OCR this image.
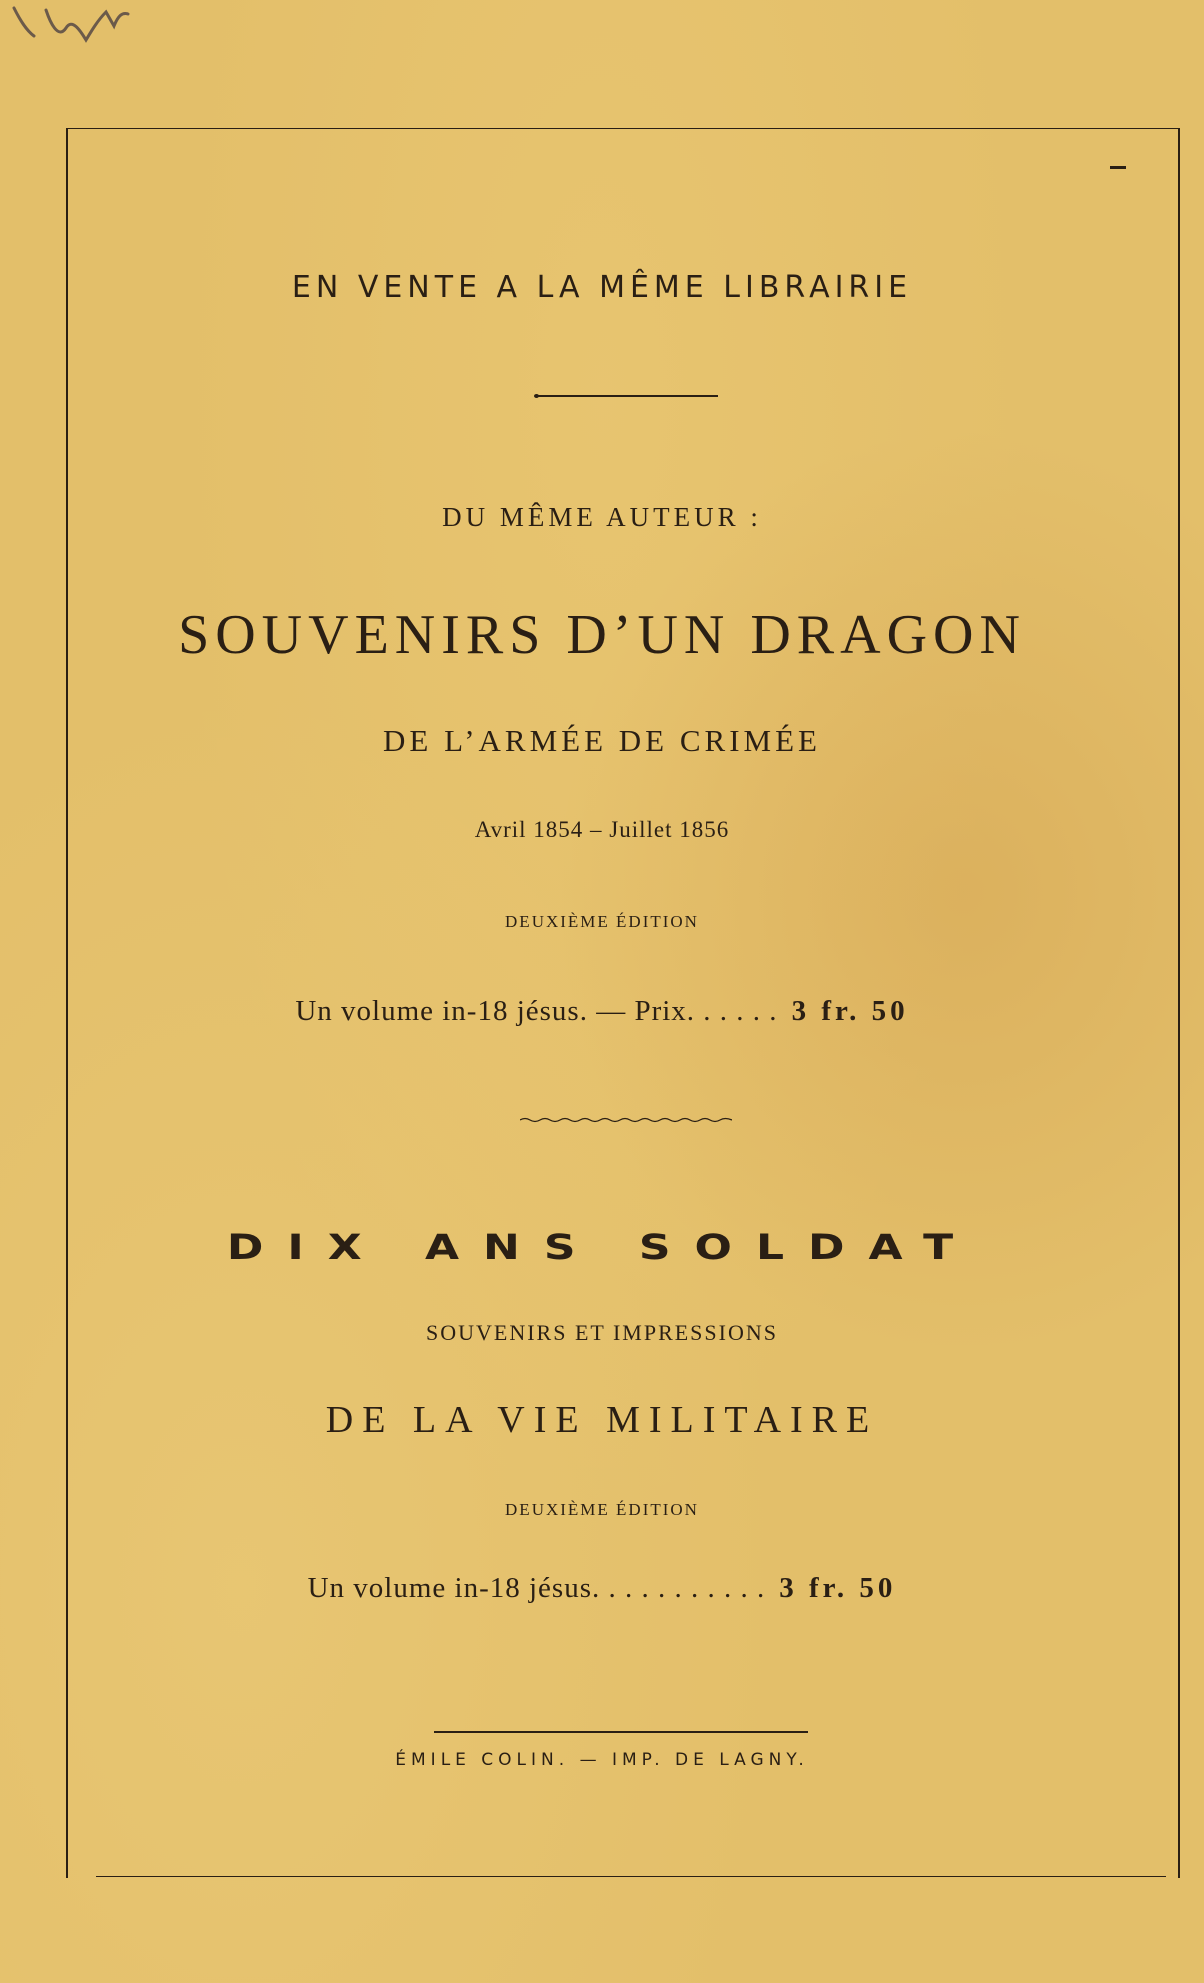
EN VENTE A LA MÊME LIBRAIRIE
DU MÊME AUTEUR :
SOUVENIRS D’UN DRAGON
DE L’ARMÉE DE CRIMÉE
Avril 1854 – Juillet 1856
DEUXIÈME ÉDITION
Un volume in-18 jésus. — Prix. . . . . . 3 fr. 50
DIX ANS SOLDAT
SOUVENIRS ET IMPRESSIONS
DE LA VIE MILITAIRE
DEUXIÈME ÉDITION
Un volume in-18 jésus. . . . . . . . . . . 3 fr. 50
ÉMILE COLIN. — IMP. DE LAGNY.
